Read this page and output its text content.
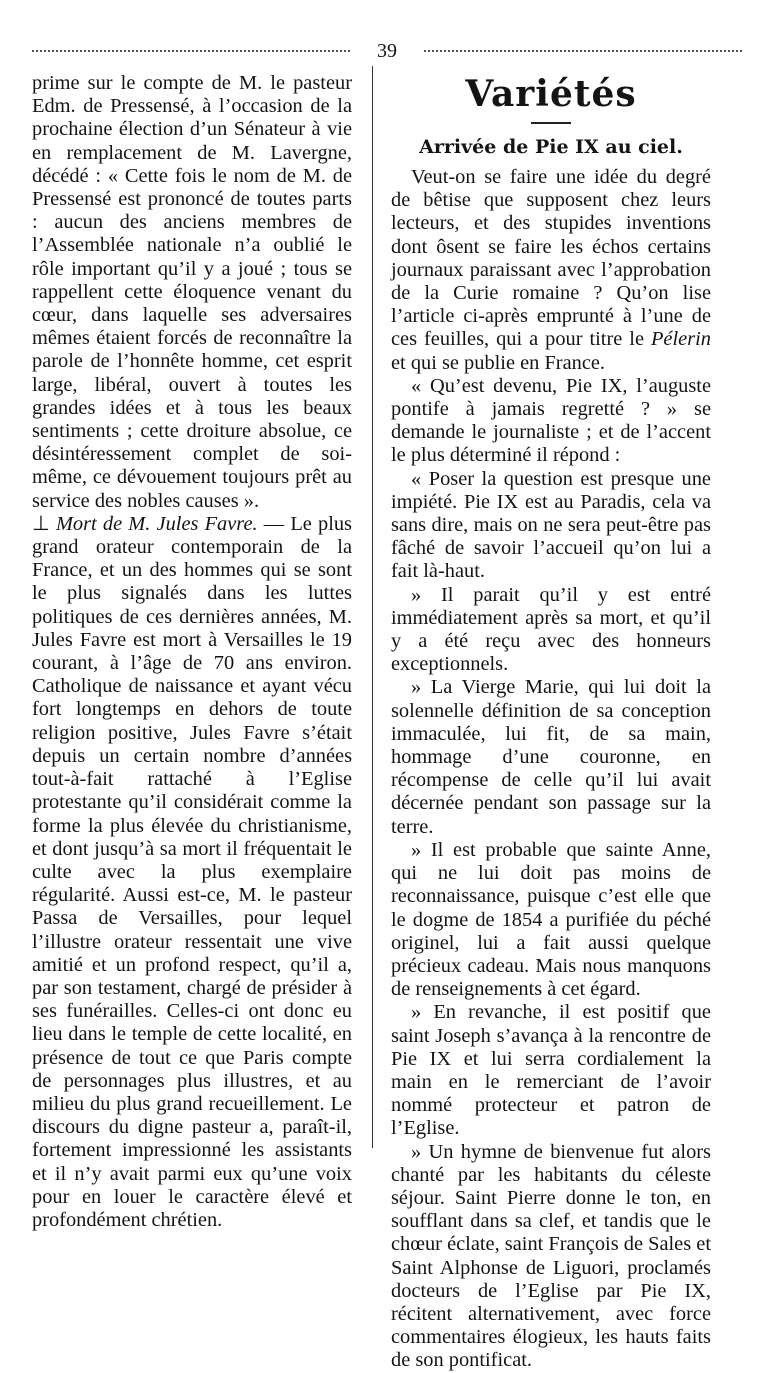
39

prime sur le compte de M. le pasteur Edm. de Pressensé, à l’occasion de la prochaine élection d’un Sénateur à vie en remplacement de M. Lavergne, décédé : « Cette fois le nom de M. de Pressensé est prononcé de toutes parts : aucun des anciens membres de l’Assemblée nationale n’a oublié le rôle important qu’il y a joué ; tous se rappellent cette éloquence venant du cœur, dans laquelle ses adversaires mêmes étaient forcés de reconnaître la parole de l’honnête homme, cet esprit large, libéral, ouvert à toutes les grandes idées et à tous les beaux sentiments ; cette droiture absolue, ce désintéressement complet de soi-même, ce dévouement toujours prêt au service des nobles causes ».

⊥ Mort de M. Jules Favre. — Le plus grand orateur contemporain de la France, et un des hommes qui se sont le plus signalés dans les luttes politiques de ces dernières années, M. Jules Favre est mort à Versailles le 19 courant, à l’âge de 70 ans environ. Catholique de naissance et ayant vécu fort longtemps en dehors de toute religion positive, Jules Favre s’était depuis un certain nombre d’années tout-à-fait rattaché à l’Eglise protestante qu’il considérait comme la forme la plus élevée du christianisme, et dont jusqu’à sa mort il fréquentait le culte avec la plus exemplaire régularité. Aussi est-ce, M. le pasteur Passa de Versailles, pour lequel l’illustre orateur ressentait une vive amitié et un profond respect, qu’il a, par son testament, chargé de présider à ses funérailles. Celles-ci ont donc eu lieu dans le temple de cette localité, en présence de tout ce que Paris compte de personnages plus illustres, et au milieu du plus grand recueillement. Le discours du digne pasteur a, paraît-il, fortement impressionné les assistants et il n’y avait parmi eux qu’une voix pour en louer le caractère élevé et profondément chrétien.

Variétés
Arrivée de Pie IX au ciel.

Veut-on se faire une idée du degré de bêtise que supposent chez leurs lecteurs, et des stupides inventions dont ôsent se faire les échos certains journaux paraissant avec l’approbation de la Curie romaine ? Qu’on lise l’article ci-après emprunté à l’une de ces feuilles, qui a pour titre le Pélerin et qui se publie en France.

« Qu’est devenu, Pie IX, l’auguste pontife à jamais regretté ? » se demande le journaliste ; et de l’accent le plus déterminé il répond :

« Poser la question est presque une impiété. Pie IX est au Paradis, cela va sans dire, mais on ne sera peut-être pas fâché de savoir l’accueil qu’on lui a fait là-haut.

» Il parait qu’il y est entré immédiatement après sa mort, et qu’il y a été reçu avec des honneurs exceptionnels.

» La Vierge Marie, qui lui doit la solennelle définition de sa conception immaculée, lui fit, de sa main, hommage d’une couronne, en récompense de celle qu’il lui avait décernée pendant son passage sur la terre.

» Il est probable que sainte Anne, qui ne lui doit pas moins de reconnaissance, puisque c’est elle que le dogme de 1854 a purifiée du péché originel, lui a fait aussi quelque précieux cadeau. Mais nous manquons de renseignements à cet égard.

» En revanche, il est positif que saint Joseph s’avança à la rencontre de Pie IX et lui serra cordialement la main en le remerciant de l’avoir nommé protecteur et patron de l’Eglise.

» Un hymne de bienvenue fut alors chanté par les habitants du céleste séjour. Saint Pierre donne le ton, en soufflant dans sa clef, et tandis que le chœur éclate, saint François de Sales et Saint Alphonse de Liguori, proclamés docteurs de l’Eglise par Pie IX, récitent alternativement, avec force commentaires élogieux, les hauts faits de son pontificat.
